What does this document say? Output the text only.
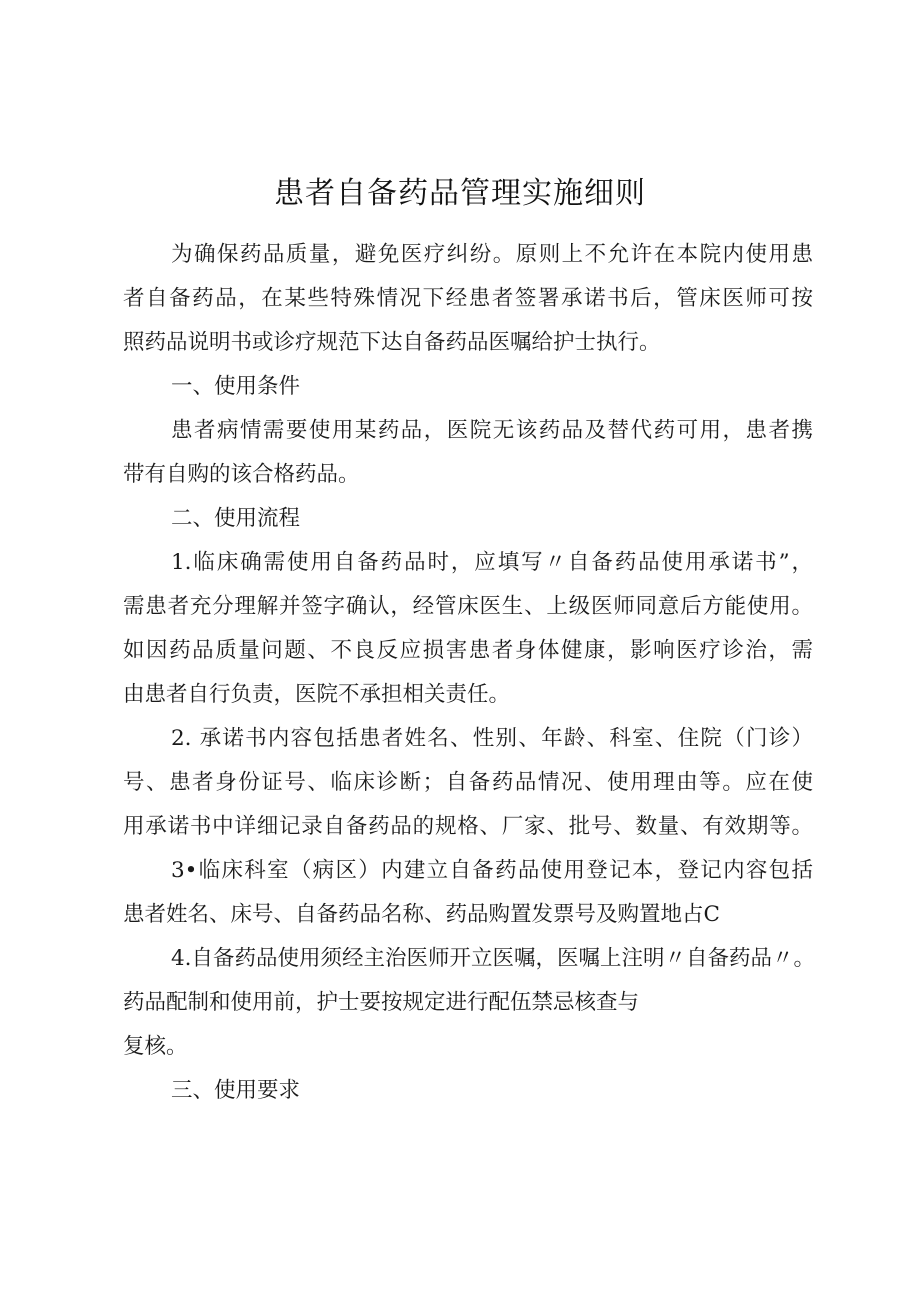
患者自备药品管理实施细则

为确保药品质量，避免医疗纠纷。原则上不允许在本院内使用患

者自备药品，在某些特殊情况下经患者签署承诺书后，管床医师可按

照药品说明书或诊疗规范下达自备药品医嘱给护士执行。

一、使用条件

患者病情需要使用某药品，医院无该药品及替代药可用，患者携

带有自购的该合格药品。

二、使用流程

1.临床确需使用自备药品时，应填写〃自备药品使用承诺书”，

需患者充分理解并签字确认，经管床医生、上级医师同意后方能使用。

如因药品质量问题、不良反应损害患者身体健康，影响医疗诊治，需

由患者自行负责，医院不承担相关责任。

2. 承诺书内容包括患者姓名、性别、年龄、科室、住院（门诊）

号、患者身份证号、临床诊断；自备药品情况、使用理由等。应在使

用承诺书中详细记录自备药品的规格、厂家、批号、数量、有效期等。

3•临床科室（病区）内建立自备药品使用登记本，登记内容包括

患者姓名、床号、自备药品名称、药品购置发票号及购置地占C

4.自备药品使用须经主治医师开立医嘱，医嘱上注明〃自备药品〃。

药品配制和使用前，护士要按规定进行配伍禁忌核查与

复核。

三、使用要求
